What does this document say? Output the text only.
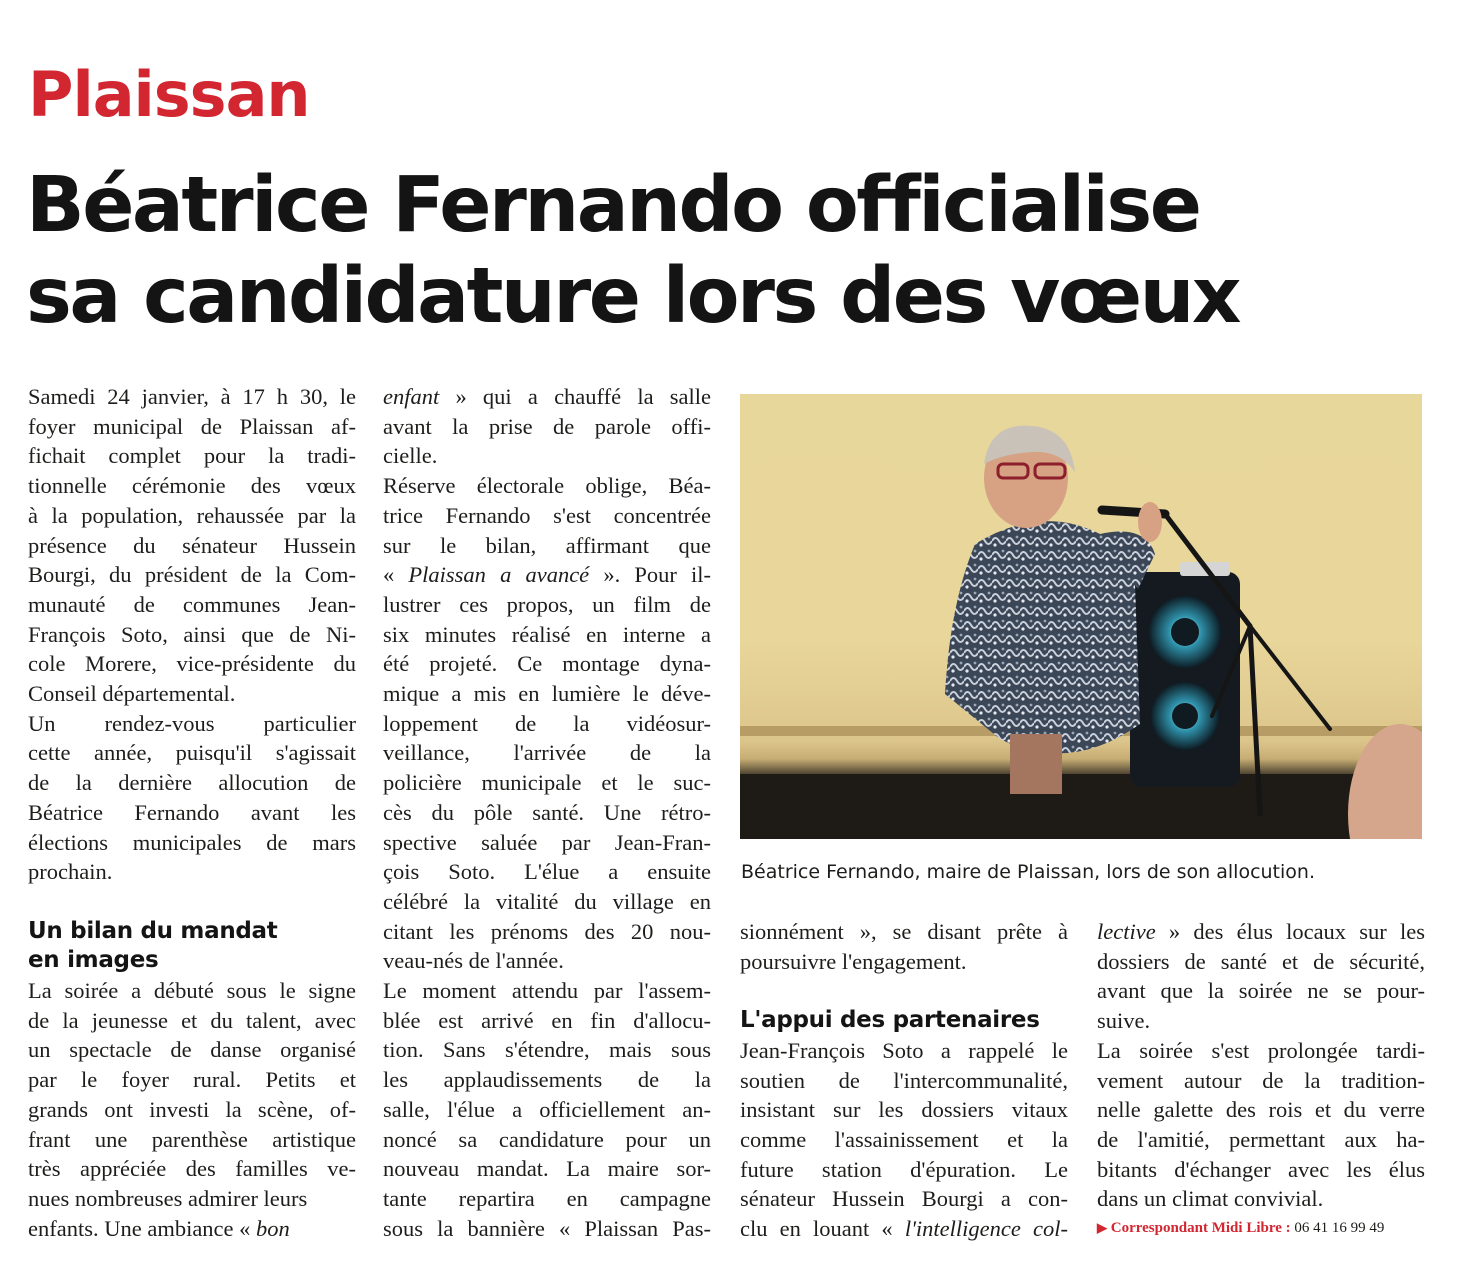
Plaissan
Béatrice Fernando officialise
sa candidature lors des vœux

Samedi 24 janvier, à 17 h 30, le
foyer municipal de Plaissan af-
fichait complet pour la tradi-
tionnelle cérémonie des vœux
à la population, rehaussée par la
présence du sénateur Hussein
Bourgi, du président de la Com-
munauté de communes Jean-
François Soto, ainsi que de Ni-
cole Morere, vice-présidente du
Conseil départemental.

Un rendez-vous particulier
cette année, puisqu'il s'agissait
de la dernière allocution de
Béatrice Fernando avant les
élections municipales de mars
prochain.

Un bilan du mandat
en images

La soirée a débuté sous le signe
de la jeunesse et du talent, avec
un spectacle de danse organisé
par le foyer rural. Petits et
grands ont investi la scène, of-
frant une parenthèse artistique
très appréciée des familles ve-
nues nombreuses admirer leurs
enfants. Une ambiance « bon

enfant » qui a chauffé la salle
avant la prise de parole offi-
cielle.

Réserve électorale oblige, Béa-
trice Fernando s'est concentrée
sur le bilan, affirmant que
« Plaissan a avancé ». Pour il-
lustrer ces propos, un film de
six minutes réalisé en interne a
été projeté. Ce montage dyna-
mique a mis en lumière le déve-
loppement de la vidéosur-
veillance, l'arrivée de la
policière municipale et le suc-
cès du pôle santé. Une rétro-
spective saluée par Jean-Fran-
çois Soto. L'élue a ensuite
célébré la vitalité du village en
citant les prénoms des 20 nou-
veau-nés de l'année.

Le moment attendu par l'assem-
blée est arrivé en fin d'allocu-
tion. Sans s'étendre, mais sous
les applaudissements de la
salle, l'élue a officiellement an-
noncé sa candidature pour un
nouveau mandat. La maire sor-
tante repartira en campagne
sous la bannière « Plaissan Pas-

Béatrice Fernando, maire de Plaissan, lors de son allocution.

sionnément », se disant prête à
poursuivre l'engagement.

L'appui des partenaires

Jean-François Soto a rappelé le
soutien de l'intercommunalité,
insistant sur les dossiers vitaux
comme l'assainissement et la
future station d'épuration. Le
sénateur Hussein Bourgi a con-
clu en louant « l'intelligence col-

lective » des élus locaux sur les
dossiers de santé et de sécurité,
avant que la soirée ne se pour-
suive.

La soirée s'est prolongée tardi-
vement autour de la tradition-
nelle galette des rois et du verre
de l'amitié, permettant aux ha-
bitants d'échanger avec les élus
dans un climat convivial.

▶ Correspondant Midi Libre : 06 41 16 99 49
